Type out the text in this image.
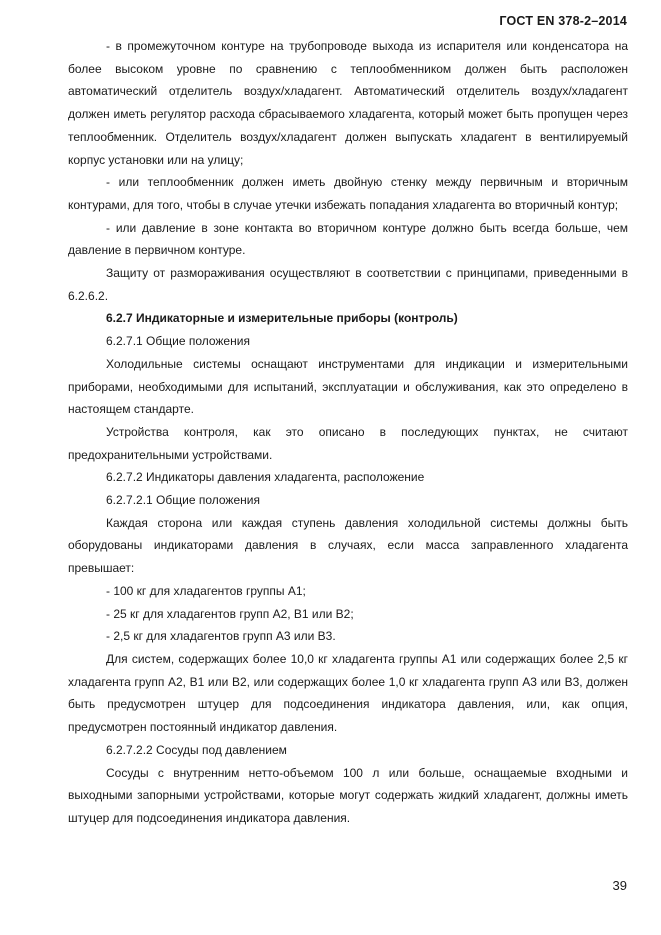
ГОСТ EN 378-2–2014

- в промежуточном контуре на трубопроводе выхода из испарителя или конденсатора на более высоком уровне по сравнению с теплообменником должен быть расположен автоматический отделитель воздух/хладагент. Автоматический отделитель воздух/хладагент должен иметь регулятор расхода сбрасываемого хладагента, который может быть пропущен через теплообменник. Отделитель воздух/хладагент должен выпускать хладагент в вентилируемый корпус установки или на улицу;

- или теплообменник должен иметь двойную стенку между первичным и вторичным контурами, для того, чтобы в случае утечки избежать попадания хладагента во вторичный контур;

- или давление в зоне контакта во вторичном контуре должно быть всегда больше, чем давление в первичном контуре.

Защиту от размораживания осуществляют в соответствии с принципами, приведенными в 6.2.6.2.

6.2.7 Индикаторные и измерительные приборы (контроль)

6.2.7.1 Общие положения

Холодильные системы оснащают инструментами для индикации и измерительными приборами, необходимыми для испытаний, эксплуатации и обслуживания, как это определено в настоящем стандарте.

Устройства контроля, как это описано в последующих пунктах, не считают предохранительными устройствами.

6.2.7.2 Индикаторы давления хладагента, расположение

6.2.7.2.1 Общие положения

Каждая сторона или каждая ступень давления холодильной системы должны быть оборудованы индикаторами давления в случаях, если масса заправленного хладагента превышает:

- 100 кг для хладагентов группы А1;

- 25 кг для хладагентов групп А2, В1 или В2;

- 2,5 кг для хладагентов групп А3 или В3.

Для систем, содержащих более 10,0 кг хладагента группы А1 или содержащих более 2,5 кг хладагента групп А2, В1 или В2, или содержащих более 1,0 кг хладагента групп А3 или В3, должен быть предусмотрен штуцер для подсоединения индикатора давления, или, как опция, предусмотрен постоянный индикатор давления.

6.2.7.2.2 Сосуды под давлением

Сосуды с внутренним нетто-объемом 100 л или больше, оснащаемые входными и выходными запорными устройствами, которые могут содержать жидкий хладагент, должны иметь штуцер для подсоединения индикатора давления.

39
